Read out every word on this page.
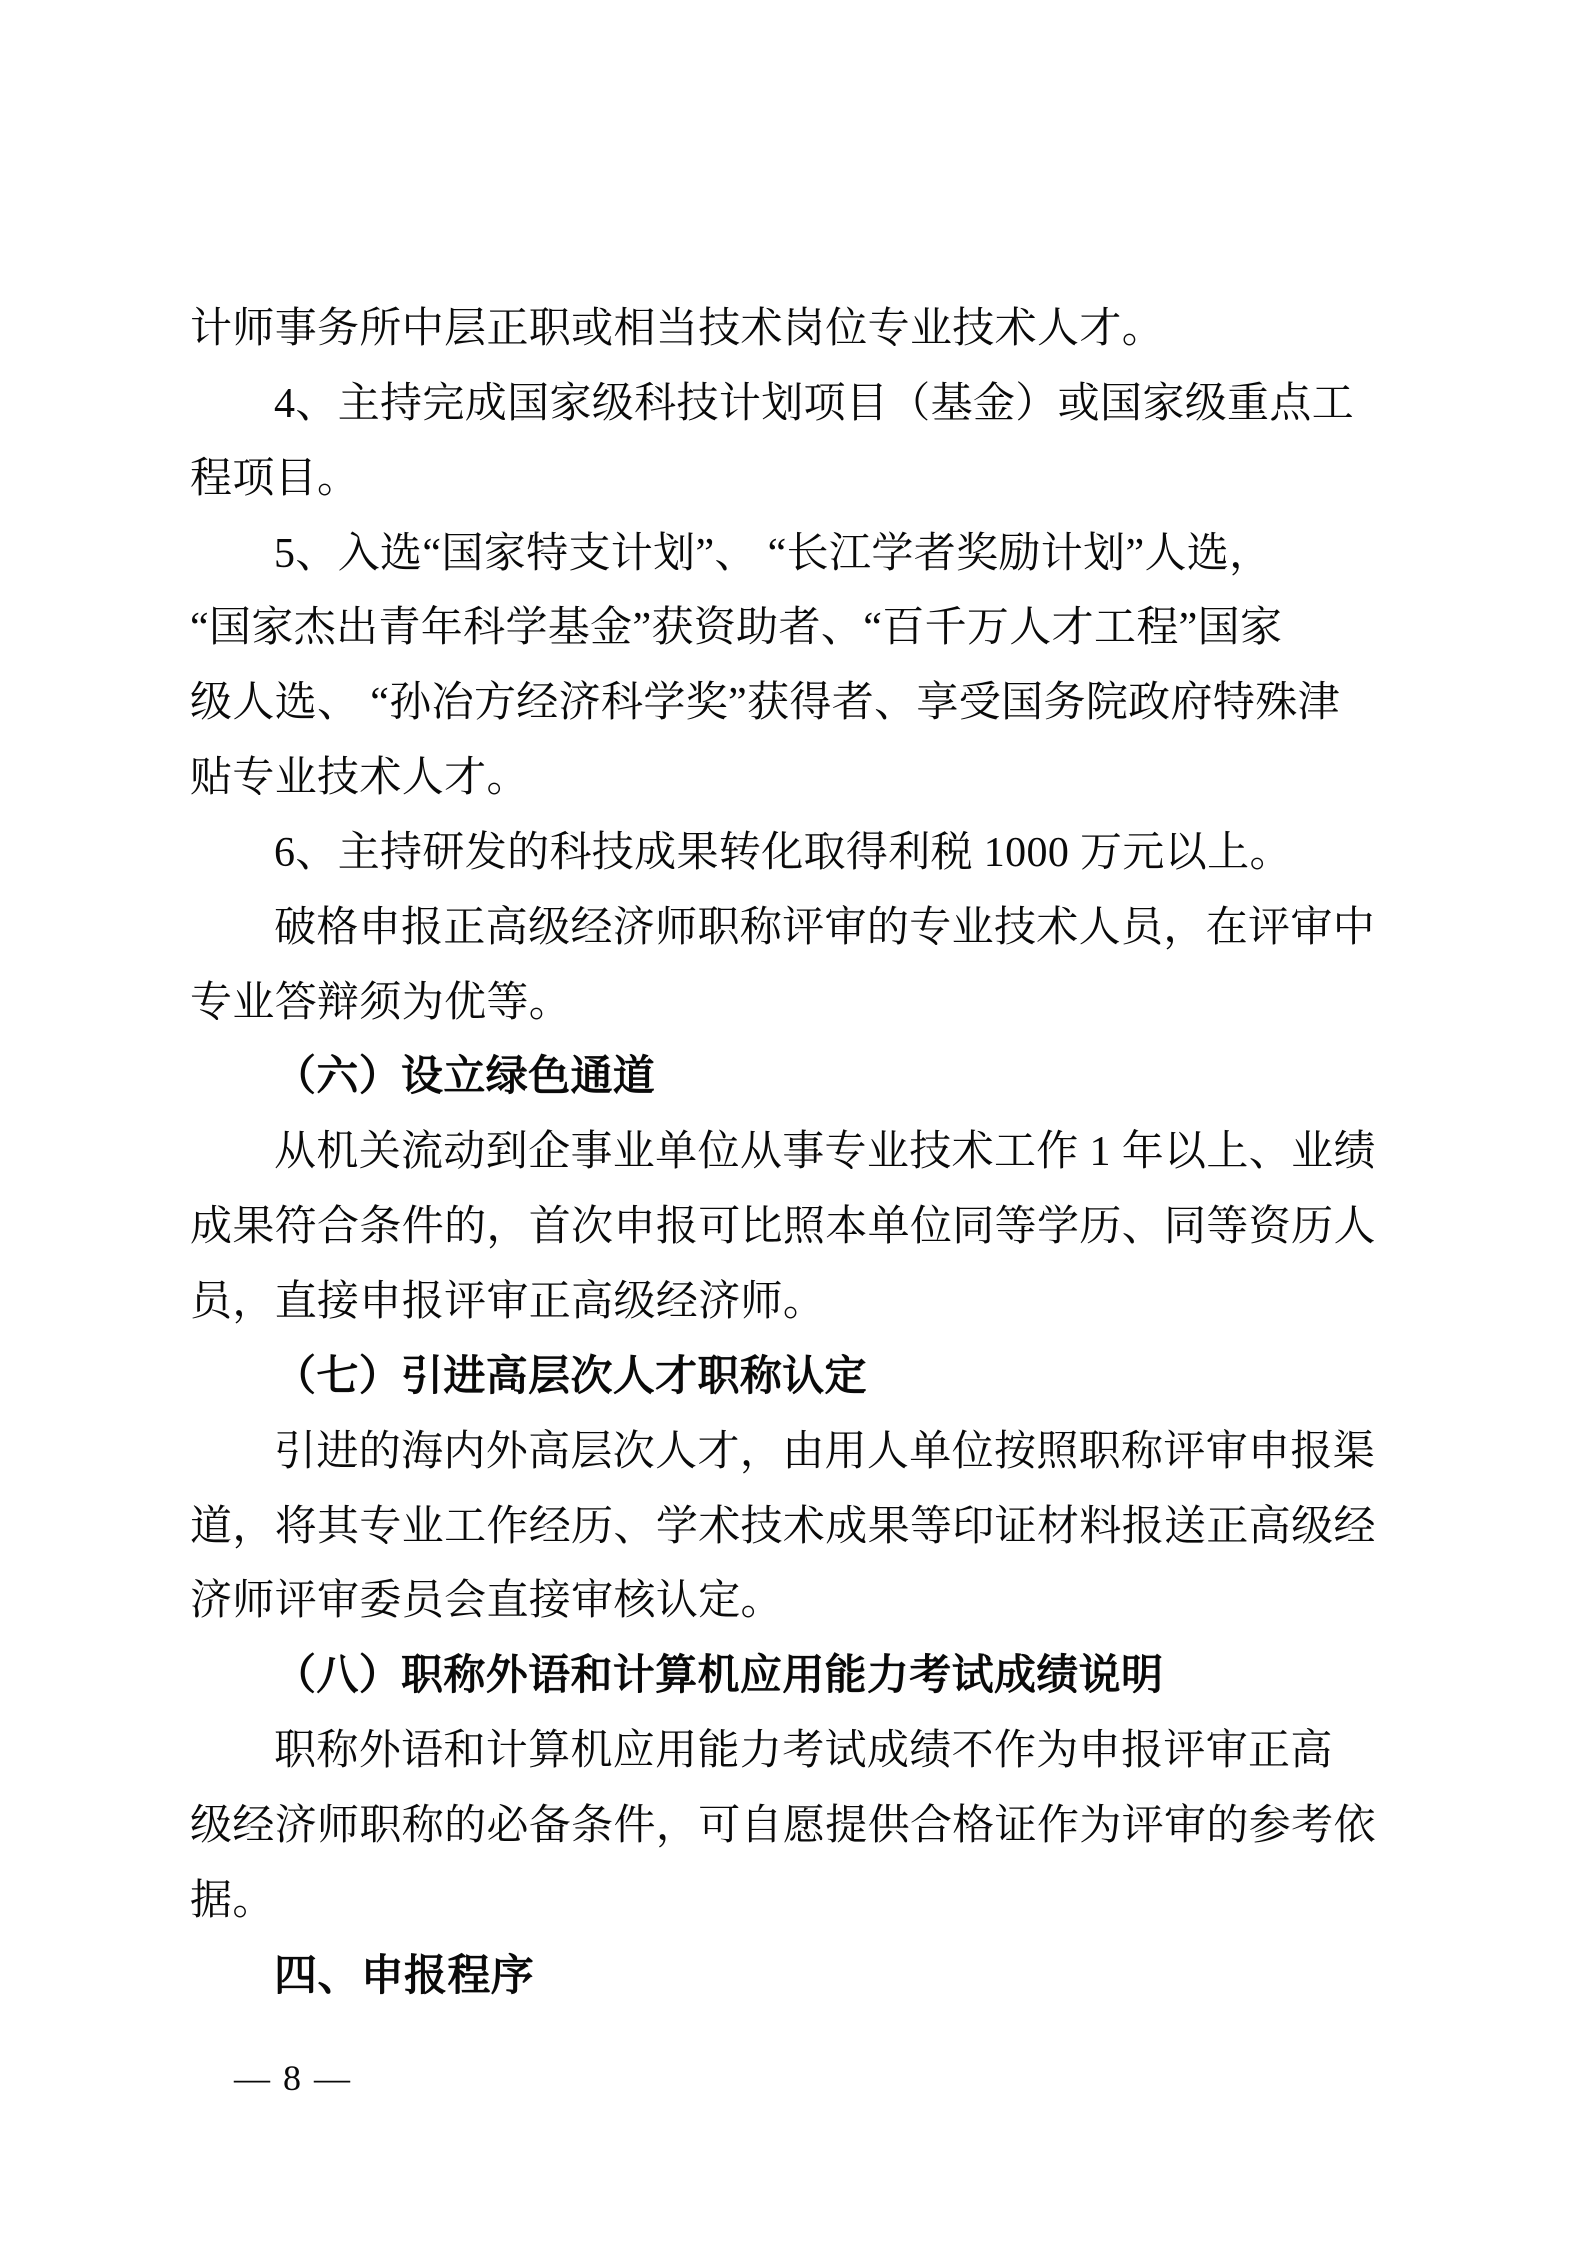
计师事务所中层正职或相当技术岗位专业技术人才。
4、主持完成国家级科技计划项目（基金）或国家级重点工
程项目。
5、入选“国家特支计划”、 “长江学者奖励计划”人选，
“国家杰出青年科学基金”获资助者、“百千万人才工程”国家
级人选、 “孙冶方经济科学奖”获得者、享受国务院政府特殊津
贴专业技术人才。
6、主持研发的科技成果转化取得利税 1000 万元以上。
破格申报正高级经济师职称评审的专业技术人员，在评审中
专业答辩须为优等。
（六）设立绿色通道
从机关流动到企事业单位从事专业技术工作 1 年以上、业绩
成果符合条件的，首次申报可比照本单位同等学历、同等资历人
员，直接申报评审正高级经济师。
（七）引进高层次人才职称认定
引进的海内外高层次人才，由用人单位按照职称评审申报渠
道，将其专业工作经历、学术技术成果等印证材料报送正高级经
济师评审委员会直接审核认定。
（八）职称外语和计算机应用能力考试成绩说明
职称外语和计算机应用能力考试成绩不作为申报评审正高
级经济师职称的必备条件，可自愿提供合格证作为评审的参考依
据。
四、申报程序
— 8 —
